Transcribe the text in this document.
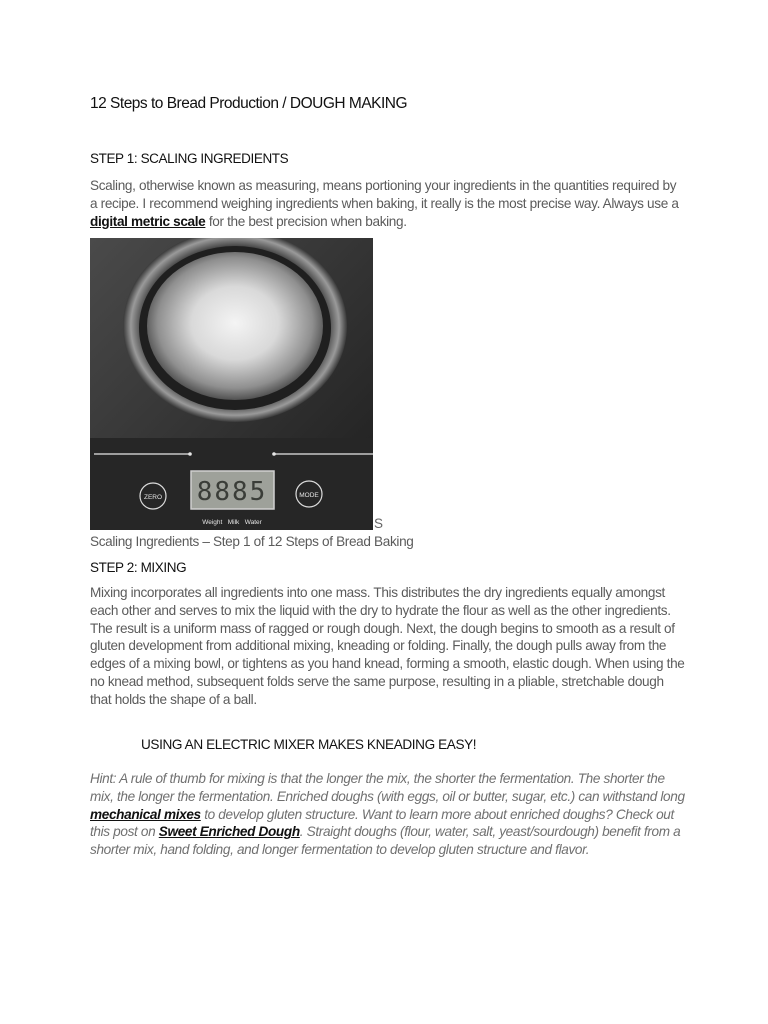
12 Steps to Bread Production / DOUGH MAKING
STEP 1: SCALING INGREDIENTS

Scaling, otherwise known as measuring, means portioning your ingredients in the quantities required by a recipe. I recommend weighing ingredients when baking, it really is the most precise way. Always use a digital metric scale for the best precision when baking.

ZERO	MODE
8885
Weight   Milk   Water	S
Scaling Ingredients – Step 1 of 12 Steps of Bread Baking
STEP 2: MIXING

Mixing incorporates all ingredients into one mass. This distributes the dry ingredients equally amongst each other and serves to mix the liquid with the dry to hydrate the flour as well as the other ingredients. The result is a uniform mass of ragged or rough dough. Next, the dough begins to smooth as a result of gluten development from additional mixing, kneading or folding. Finally, the dough pulls away from the edges of a mixing bowl, or tightens as you hand knead, forming a smooth, elastic dough. When using the no knead method, subsequent folds serve the same purpose, resulting in a pliable, stretchable dough that holds the shape of a ball.

USING AN ELECTRIC MIXER MAKES KNEADING EASY!

Hint: A rule of thumb for mixing is that the longer the mix, the shorter the fermentation. The shorter the mix, the longer the fermentation. Enriched doughs (with eggs, oil or butter, sugar, etc.) can withstand long mechanical mixes to develop gluten structure. Want to learn more about enriched doughs? Check out this post on Sweet Enriched Dough. Straight doughs (flour, water, salt, yeast/sourdough) benefit from a shorter mix, hand folding, and longer fermentation to develop gluten structure and flavor.
